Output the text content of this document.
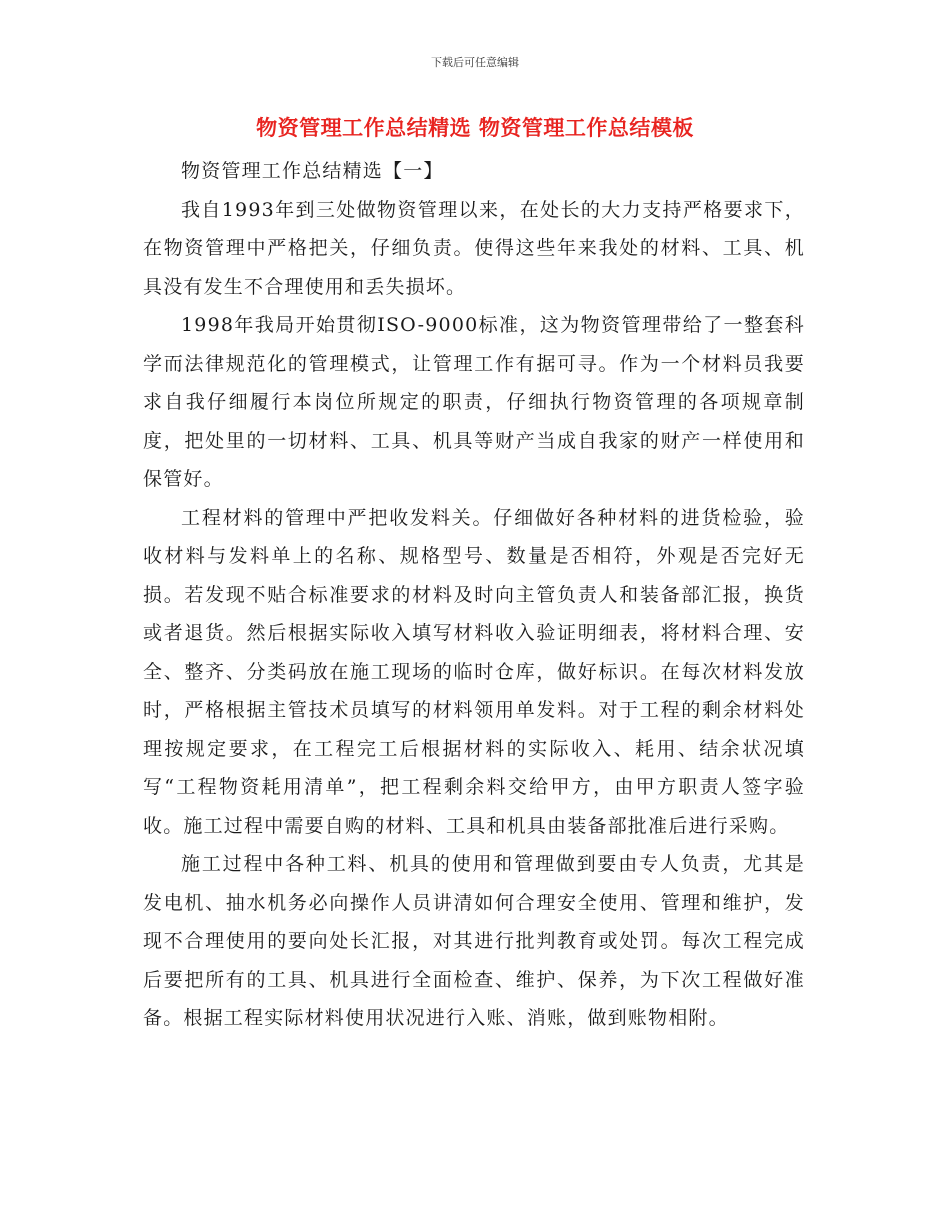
下载后可任意编辑
物资管理工作总结精选 物资管理工作总结模板

物资管理工作总结精选【一】

我自1993年到三处做物资管理以来，在处长的大力支持严格要求下，在物资管理中严格把关，仔细负责。使得这些年来我处的材料、工具、机具没有发生不合理使用和丢失损坏。

1998年我局开始贯彻ISO-9000标准，这为物资管理带给了一整套科学而法律规范化的管理模式，让管理工作有据可寻。作为一个材料员我要求自我仔细履行本岗位所规定的职责，仔细执行物资管理的各项规章制度，把处里的一切材料、工具、机具等财产当成自我家的财产一样使用和保管好。

工程材料的管理中严把收发料关。仔细做好各种材料的进货检验，验收材料与发料单上的名称、规格型号、数量是否相符，外观是否完好无损。若发现不贴合标准要求的材料及时向主管负责人和装备部汇报，换货或者退货。然后根据实际收入填写材料收入验证明细表，将材料合理、安全、整齐、分类码放在施工现场的临时仓库，做好标识。在每次材料发放时，严格根据主管技术员填写的材料领用单发料。对于工程的剩余材料处理按规定要求，在工程完工后根据材料的实际收入、耗用、结余状况填写“工程物资耗用清单”，把工程剩余料交给甲方，由甲方职责人签字验收。施工过程中需要自购的材料、工具和机具由装备部批准后进行采购。

施工过程中各种工料、机具的使用和管理做到要由专人负责，尤其是发电机、抽水机务必向操作人员讲清如何合理安全使用、管理和维护，发现不合理使用的要向处长汇报，对其进行批判教育或处罚。每次工程完成后要把所有的工具、机具进行全面检查、维护、保养，为下次工程做好准备。根据工程实际材料使用状况进行入账、消账，做到账物相附。
